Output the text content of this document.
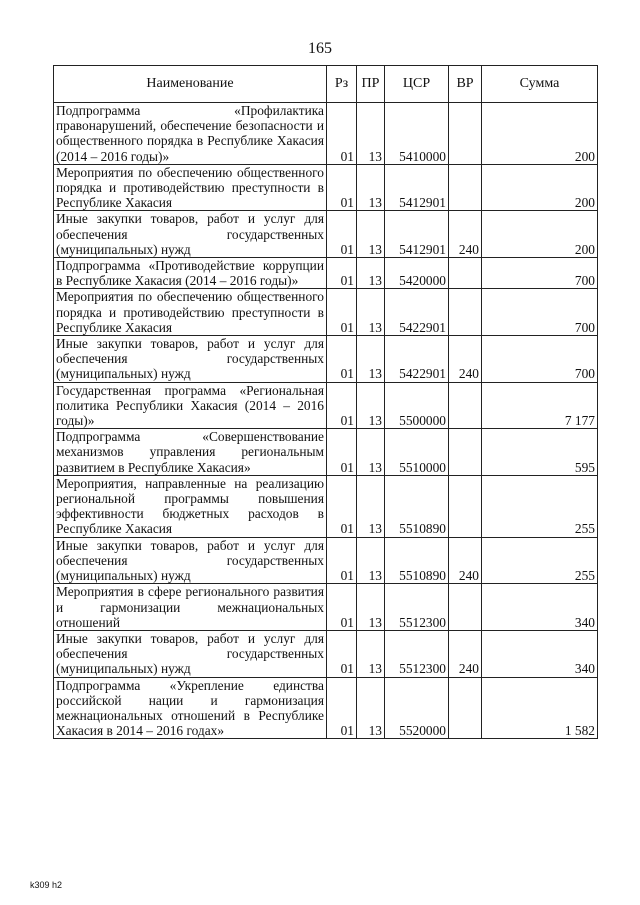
165
Наименование	Рз	ПР	ЦСР	ВР	Сумма
Подпрограмма «Профилактика правонарушений, обеспечение безопасности и общественного порядка в Республике Хакасия (2014 – 2016 годы)»	01	13	5410000		200
Мероприятия по обеспечению общественного порядка и противодействию преступности в Республике Хакасия	01	13	5412901		200
Иные закупки товаров, работ и услуг для обеспечения государственных (муниципальных) нужд	01	13	5412901	240	200
Подпрограмма «Противодействие коррупции в Республике Хакасия (2014 – 2016 годы)»	01	13	5420000		700
Мероприятия по обеспечению общественного порядка и противодействию преступности в Республике Хакасия	01	13	5422901		700
Иные закупки товаров, работ и услуг для обеспечения государственных (муниципальных) нужд	01	13	5422901	240	700
Государственная программа «Региональная политика Республики Хакасия (2014 – 2016 годы)»	01	13	5500000		7 177
Подпрограмма «Совершенствование механизмов управления региональным развитием в Республике Хакасия»	01	13	5510000		595
Мероприятия, направленные на реализацию региональной программы повышения эффективности бюджетных расходов в Республике Хакасия	01	13	5510890		255
Иные закупки товаров, работ и услуг для обеспечения государственных (муниципальных) нужд	01	13	5510890	240	255
Мероприятия в сфере регионального развития и гармонизации межнациональных отношений	01	13	5512300		340
Иные закупки товаров, работ и услуг для обеспечения государственных (муниципальных) нужд	01	13	5512300	240	340
Подпрограмма «Укрепление единства российской нации и гармонизация межнациональных отношений в Республике Хакасия в 2014 – 2016 годах»	01	13	5520000		1 582
k309 h2
